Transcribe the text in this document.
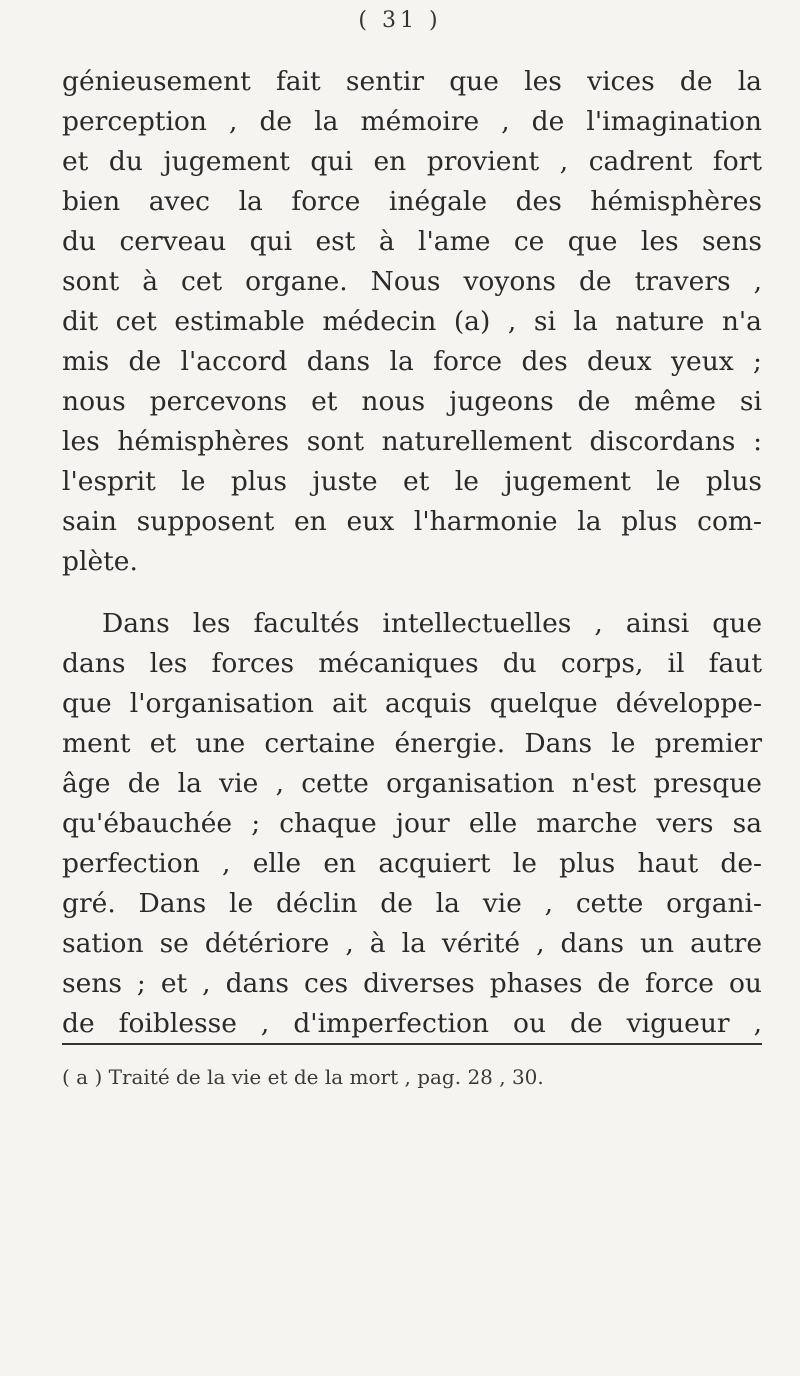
( 31 )
génieusement fait sentir que les vices de la
perception , de la mémoire , de l'imagination
et du jugement qui en provient , cadrent fort
bien avec la force inégale des hémisphères
du cerveau qui est à l'ame ce que les sens
sont à cet organe. Nous voyons de travers ,
dit cet estimable médecin (a) , si la nature n'a
mis de l'accord dans la force des deux yeux ;
nous percevons et nous jugeons de même si
les hémisphères sont naturellement discordans :
l'esprit le plus juste et le jugement le plus
sain supposent en eux l'harmonie la plus com-
plète.
Dans les facultés intellectuelles , ainsi que
dans les forces mécaniques du corps, il faut
que l'organisation ait acquis quelque développe-
ment et une certaine énergie. Dans le premier
âge de la vie , cette organisation n'est presque
qu'ébauchée ; chaque jour elle marche vers sa
perfection , elle en acquiert le plus haut de-
gré. Dans le déclin de la vie , cette organi-
sation se détériore , à la vérité , dans un autre
sens ; et , dans ces diverses phases de force ou
de foiblesse , d'imperfection ou de vigueur ,
( a ) Traité de la vie et de la mort , pag. 28 , 30.
